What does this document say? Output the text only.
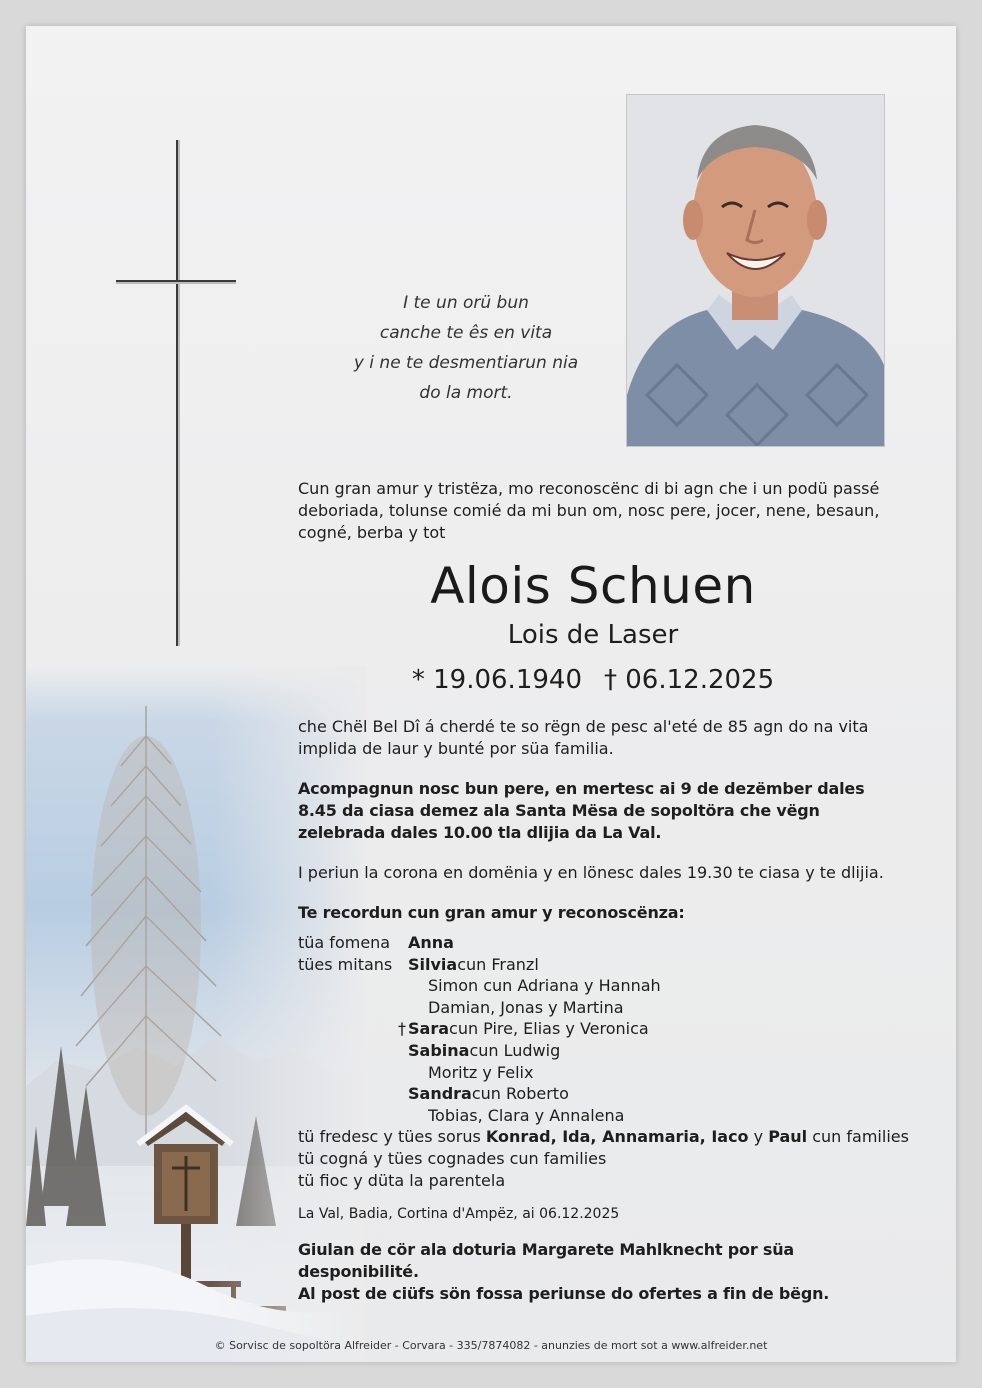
I te un orü bun
canche te ês en vita
y i ne te desmentiarun nia
do la mort.

Cun gran amur y tristëza, mo reconoscënc di bi agn che i un podü passé deboriada, tolunse comié da mi bun om, nosc pere, jocer, nene, besaun, cogné, berba y tot

Alois Schuen
Lois de Laser
* 19.06.1940 † 06.12.2025
che Chël Bel Dî á cherdé te so rëgn de pesc al'eté de 85 agn do na vita implida de laur y bunté por süa familia.
Acompagnun nosc bun pere, en mertesc ai 9 de dezëmber dales 8.45 da ciasa demez ala Santa Mësa de sopoltöra che vëgn zelebrada dales 10.00 tla dlijia da La Val.
I periun la corona en domënia y en lönesc dales 19.30 te ciasa y te dlijia.
Te recordun cun gran amur y reconoscënza:
tüa fomena	Anna
tües mitans Silvia cun Franzl
Simon cun Adriana y Hannah
Damian, Jonas y Martina
† Sara cun Pire, Elias y Veronica
Sabina cun Ludwig
Moritz y Felix
Sandra cun Roberto
Tobias, Clara y Annalena
tü fredesc y tües sorus Konrad, Ida, Annamaria, Iaco y Paul cun families
tü cogná y tües cognades cun families
tü fioc y düta la parentela
La Val, Badia, Cortina d'Ampëz, ai 06.12.2025
Giulan de cör ala doturia Margarete Mahlknecht por süa desponibilité.
Al post de ciüfs sön fossa periunse do ofertes a fin de bëgn.
© Sorvisc de sopoltöra Alfreider - Corvara - 335/7874082 - anunzies de mort sot a www.alfreider.net
